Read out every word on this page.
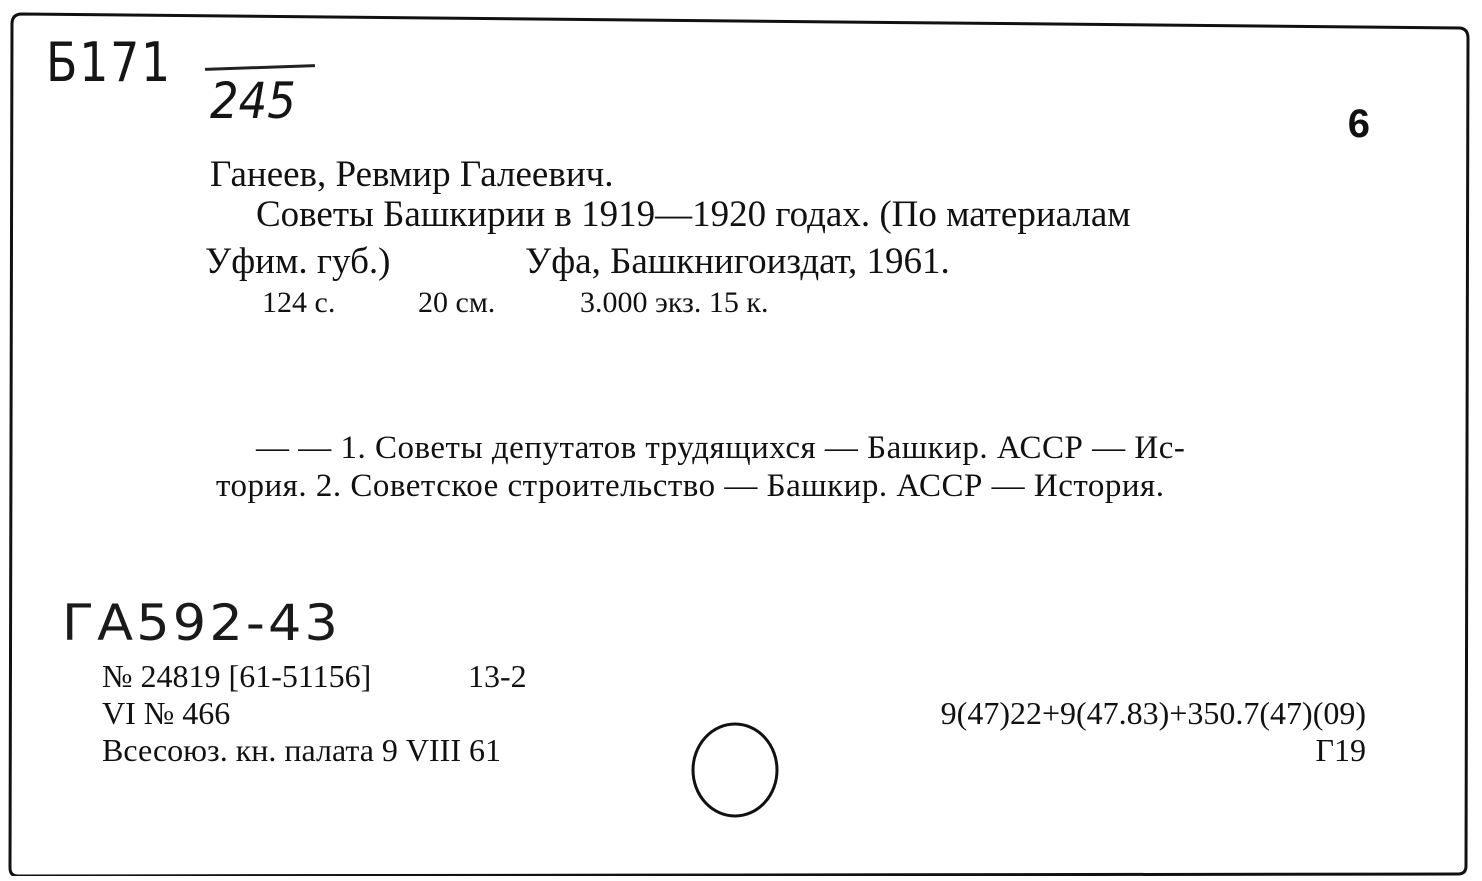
Б171
245	6
Ганеев, Ревмир Галеевич.
Советы Башкирии в 1919—1920 годах. (По материалам
Уфим. губ.)	Уфа, Башкнигоиздат, 1961.
124 с.	20 см.	3.000 экз. 15 к.
— — 1. Советы депутатов трудящихся — Башкир. АССР — Ис-
тория. 2. Советское строительство — Башкир. АССР — История.
ГА592-43
№ 24819 [61-51156]	13-2
VI № 466
Всесоюз. кн. палата 9 VIII 61
9(47)22+9(47.83)+350.7(47)(09)
Г19
